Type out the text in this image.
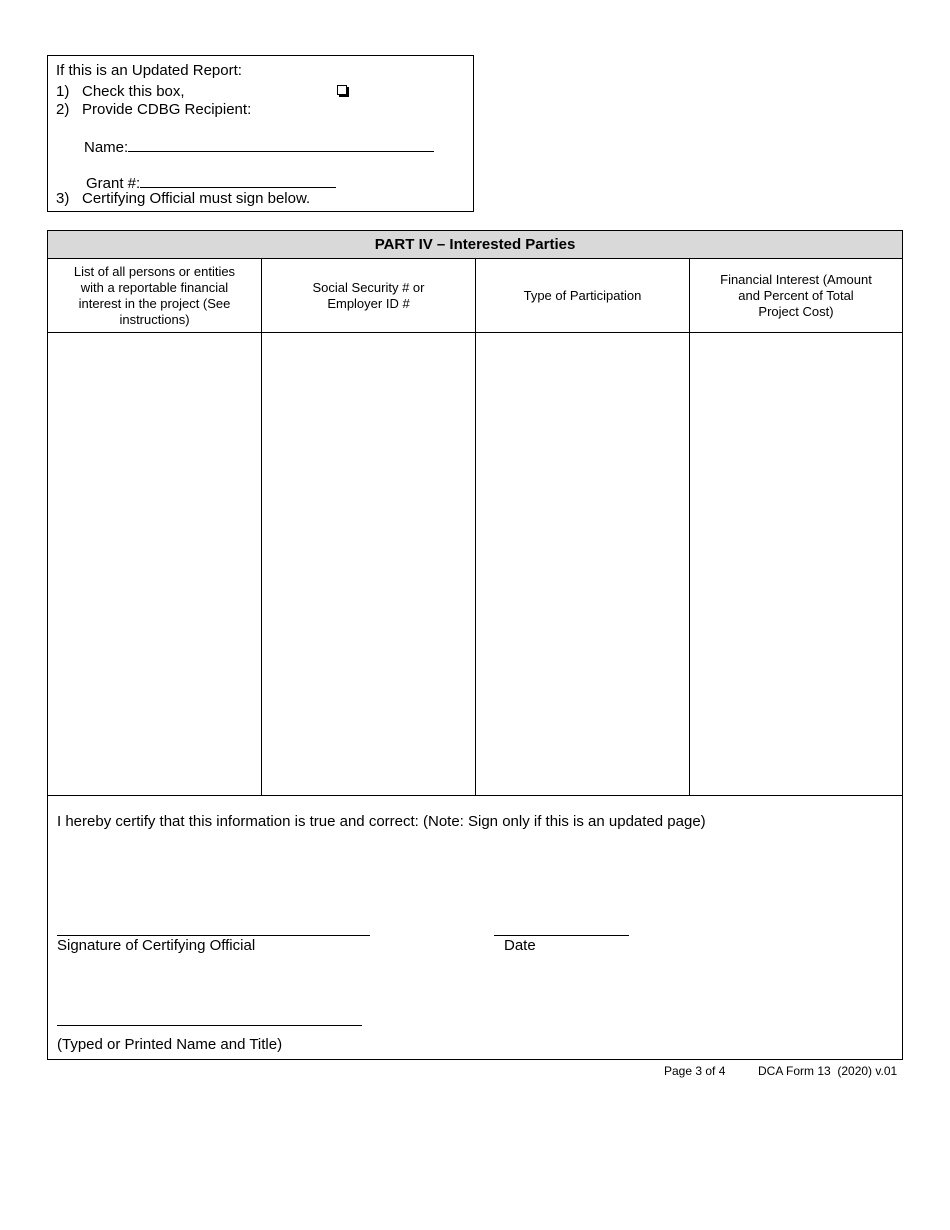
If this is an Updated Report:
1) Check this box,
2) Provide CDBG Recipient:
Name:
Grant #:
3) Certifying Official must sign below.
PART IV – Interested Parties
List of all persons or entities with a reportable financial interest in the project (See instructions)
Social Security # or Employer ID #
Type of Participation
Financial Interest (Amount and Percent of Total Project Cost)
I hereby certify that this information is true and correct: (Note: Sign only if this is an updated page)
Signature of Certifying Official	Date
(Typed or Printed Name and Title)
Page 3 of 4	DCA Form 13  (2020) v.01
